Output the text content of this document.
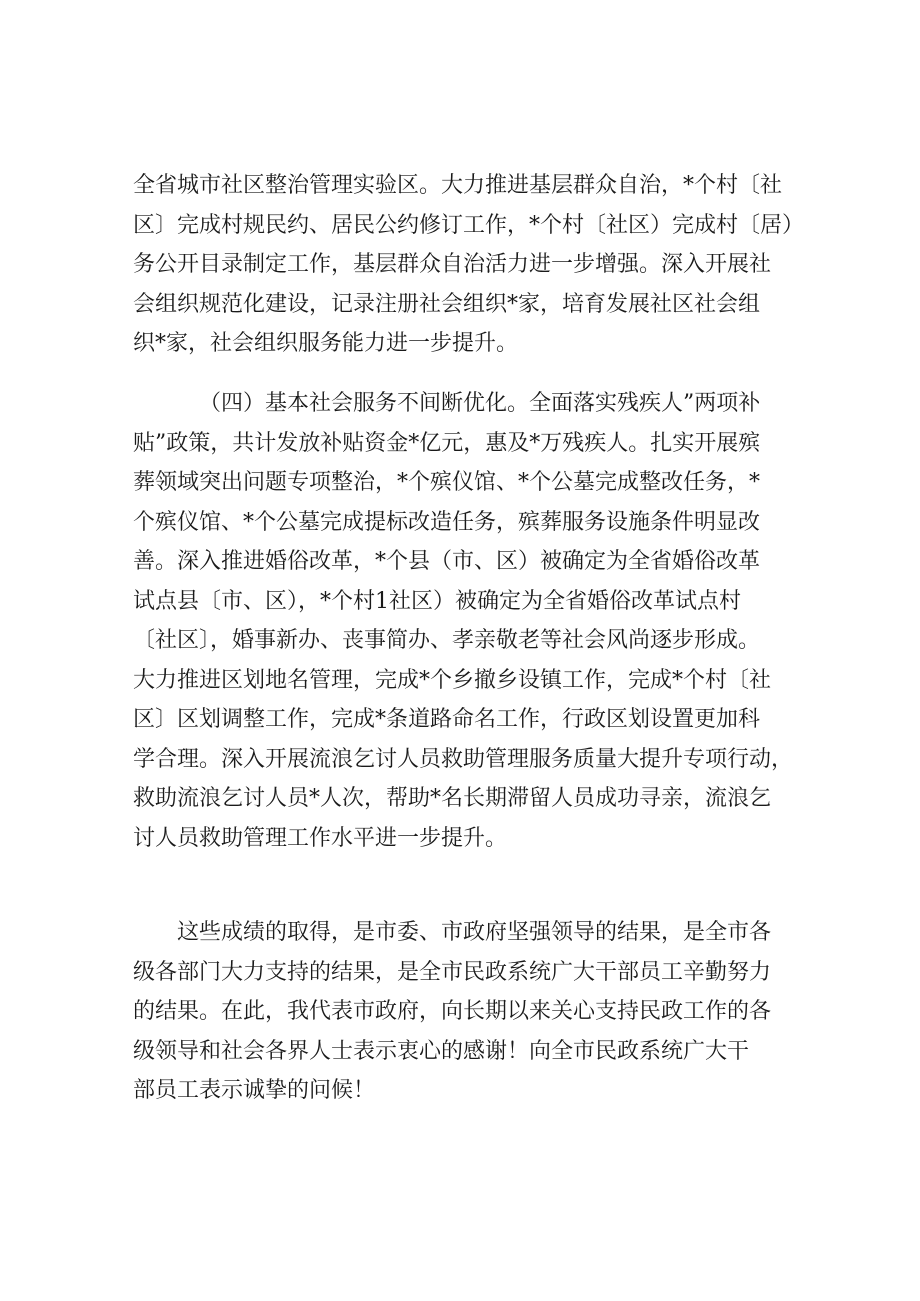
全省城市社区整治管理实验区。大力推进基层群众自治，*个村〔社
区〕完成村规民约、居民公约修订工作，*个村〔社区）完成村〔居）
务公开目录制定工作，基层群众自治活力进一步增强。深入开展社
会组织规范化建设，记录注册社会组织*家，培育发展社区社会组
织*家，社会组织服务能力进一步提升。
（四）基本社会服务不间断优化。全面落实残疾人”两项补
贴”政策，共计发放补贴资金*亿元，惠及*万残疾人。扎实开展殡
葬领域突出问题专项整治，*个殡仪馆、*个公墓完成整改任务，*
个殡仪馆、*个公墓完成提标改造任务，殡葬服务设施条件明显改
善。深入推进婚俗改革，*个县（市、区）被确定为全省婚俗改革
试点县〔市、区），*个村1社区）被确定为全省婚俗改革试点村
〔社区〕，婚事新办、丧事简办、孝亲敬老等社会风尚逐步形成。
大力推进区划地名管理，完成*个乡撤乡设镇工作，完成*个村〔社
区〕区划调整工作，完成*条道路命名工作，行政区划设置更加科
学合理。深入开展流浪乞讨人员救助管理服务质量大提升专项行动，
救助流浪乞讨人员*人次，帮助*名长期滞留人员成功寻亲，流浪乞
讨人员救助管理工作水平进一步提升。
这些成绩的取得，是市委、市政府坚强领导的结果，是全市各
级各部门大力支持的结果，是全市民政系统广大干部员工辛勤努力
的结果。在此，我代表市政府，向长期以来关心支持民政工作的各
级领导和社会各界人士表示衷心的感谢！向全市民政系统广大干
部员工表示诚挚的问候！
